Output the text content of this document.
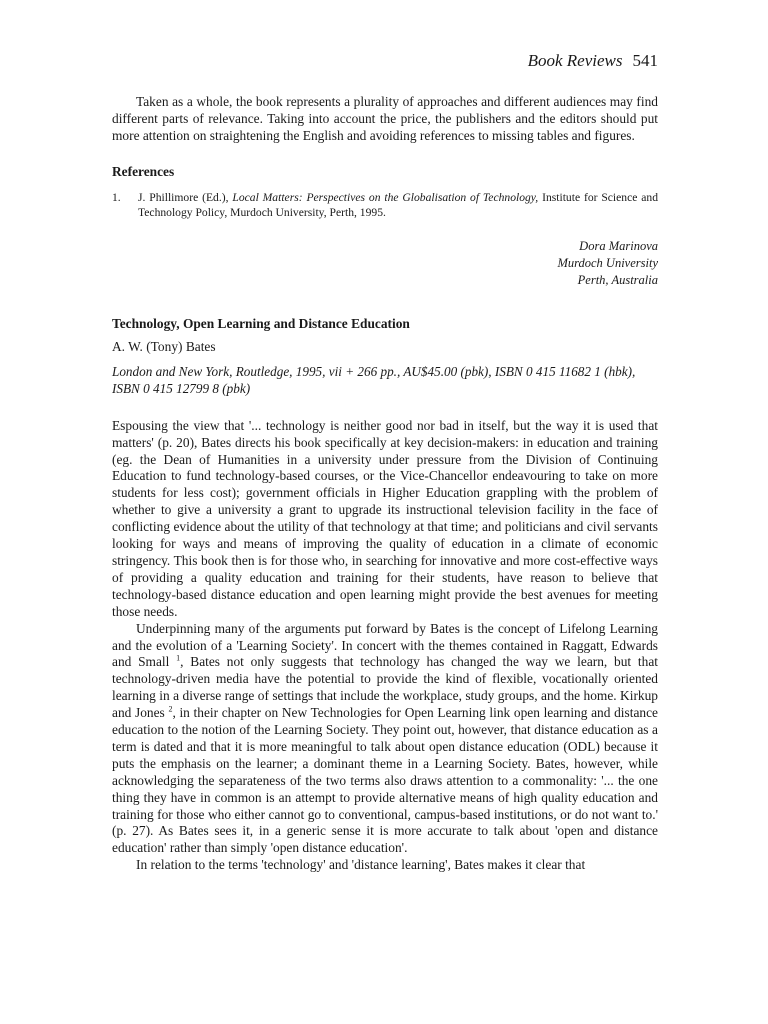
Book Reviews 541

Taken as a whole, the book represents a plurality of approaches and different audiences may find different parts of relevance. Taking into account the price, the publishers and the editors should put more attention on straightening the English and avoiding references to missing tables and figures.

References
1.	J. Phillimore (Ed.), Local Matters: Perspectives on the Globalisation of Technology, Institute for Science and Technology Policy, Murdoch University, Perth, 1995.
Dora Marinova
Murdoch University
Perth, Australia
Technology, Open Learning and Distance Education
A. W. (Tony) Bates
London and New York, Routledge, 1995, vii + 266 pp., AU$45.00 (pbk), ISBN 0 415 11682 1 (hbk), ISBN 0 415 12799 8 (pbk)

Espousing the view that '... technology is neither good nor bad in itself, but the way it is used that matters' (p. 20), Bates directs his book specifically at key decision-makers: in education and training (eg. the Dean of Humanities in a university under pressure from the Division of Continuing Education to fund technology-based courses, or the Vice-Chancellor endeavouring to take on more students for less cost); government officials in Higher Education grappling with the problem of whether to give a university a grant to upgrade its instructional television facility in the face of conflicting evidence about the utility of that technology at that time; and politicians and civil servants looking for ways and means of improving the quality of education in a climate of economic stringency. This book then is for those who, in searching for innovative and more cost-effective ways of providing a quality education and training for their students, have reason to believe that technology-based distance education and open learning might provide the best avenues for meeting those needs.

Underpinning many of the arguments put forward by Bates is the concept of Lifelong Learning and the evolution of a 'Learning Society'. In concert with the themes contained in Raggatt, Edwards and Small $^1$, Bates not only suggests that technology has changed the way we learn, but that technology-driven media have the potential to provide the kind of flexible, vocationally oriented learning in a diverse range of settings that include the workplace, study groups, and the home. Kirkup and Jones $^2$, in their chapter on New Technologies for Open Learning link open learning and distance education to the notion of the Learning Society. They point out, however, that distance education as a term is dated and that it is more meaningful to talk about open distance education (ODL) because it puts the emphasis on the learner; a dominant theme in a Learning Society. Bates, however, while acknowledging the separateness of the two terms also draws attention to a commonality: '... the one thing they have in common is an attempt to provide alternative means of high quality education and training for those who either cannot go to conventional, campus-based institutions, or do not want to.' (p. 27). As Bates sees it, in a generic sense it is more accurate to talk about 'open and distance education' rather than simply 'open distance education'.

In relation to the terms 'technology' and 'distance learning', Bates makes it clear that
